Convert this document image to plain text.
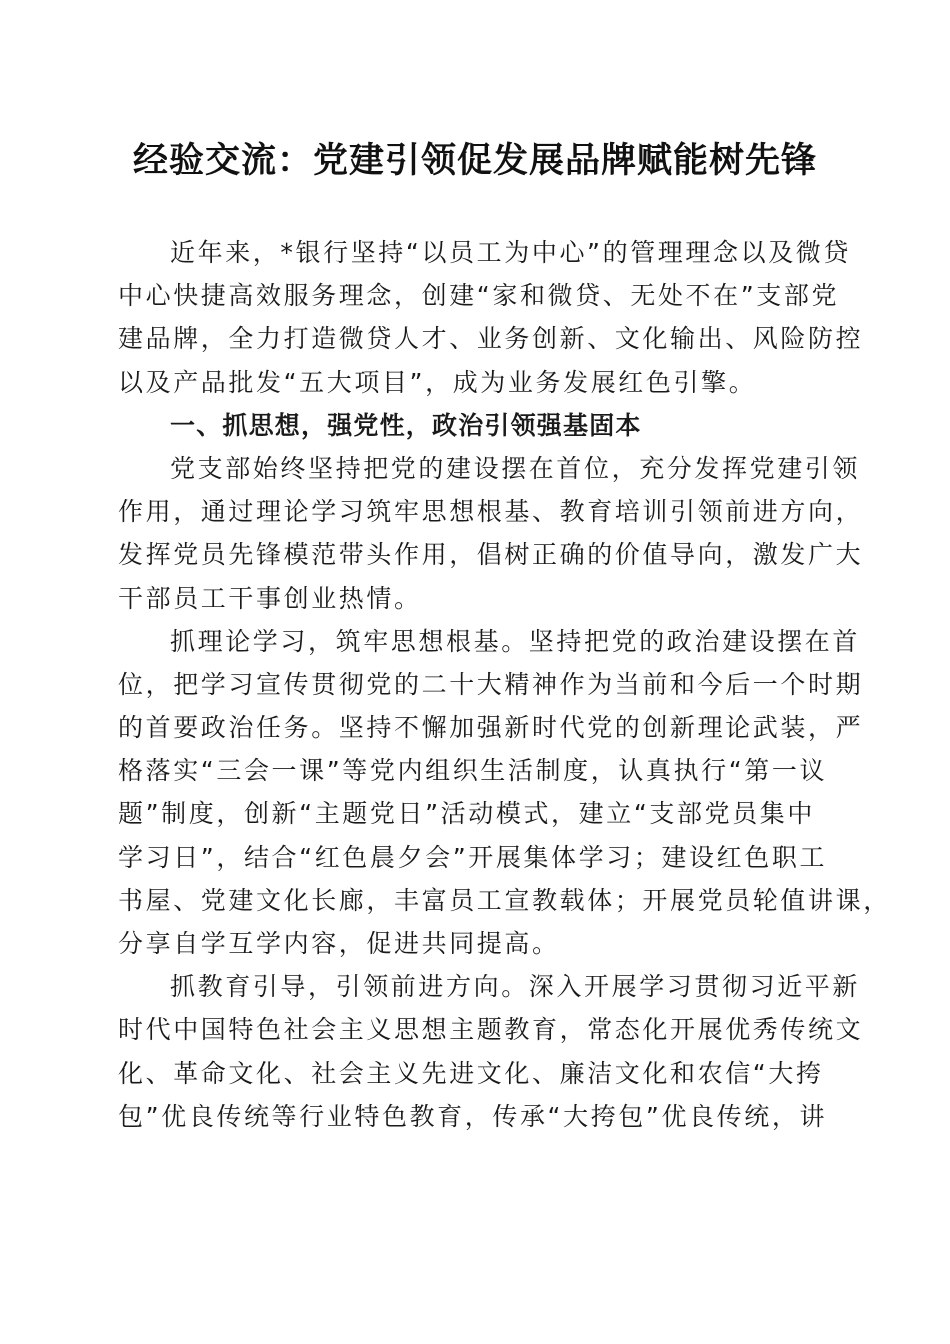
经验交流：党建引领促发展品牌赋能树先锋
近年来，*银行坚持“以员工为中心”的管理理念以及微贷
中心快捷高效服务理念，创建“家和微贷、无处不在”支部党
建品牌，全力打造微贷人才、业务创新、文化输出、风险防控
以及产品批发“五大项目”，成为业务发展红色引擎。
一、抓思想，强党性，政治引领强基固本
党支部始终坚持把党的建设摆在首位，充分发挥党建引领
作用，通过理论学习筑牢思想根基、教育培训引领前进方向，
发挥党员先锋模范带头作用，倡树正确的价值导向，激发广大
干部员工干事创业热情。
抓理论学习，筑牢思想根基。坚持把党的政治建设摆在首
位，把学习宣传贯彻党的二十大精神作为当前和今后一个时期
的首要政治任务。坚持不懈加强新时代党的创新理论武装，严
格落实“三会一课”等党内组织生活制度，认真执行“第一议
题”制度，创新“主题党日”活动模式，建立“支部党员集中
学习日”，结合“红色晨夕会”开展集体学习；建设红色职工
书屋、党建文化长廊，丰富员工宣教载体；开展党员轮值讲课，
分享自学互学内容，促进共同提高。
抓教育引导，引领前进方向。深入开展学习贯彻习近平新
时代中国特色社会主义思想主题教育，常态化开展优秀传统文
化、革命文化、社会主义先进文化、廉洁文化和农信“大挎
包”优良传统等行业特色教育，传承“大挎包”优良传统，讲
